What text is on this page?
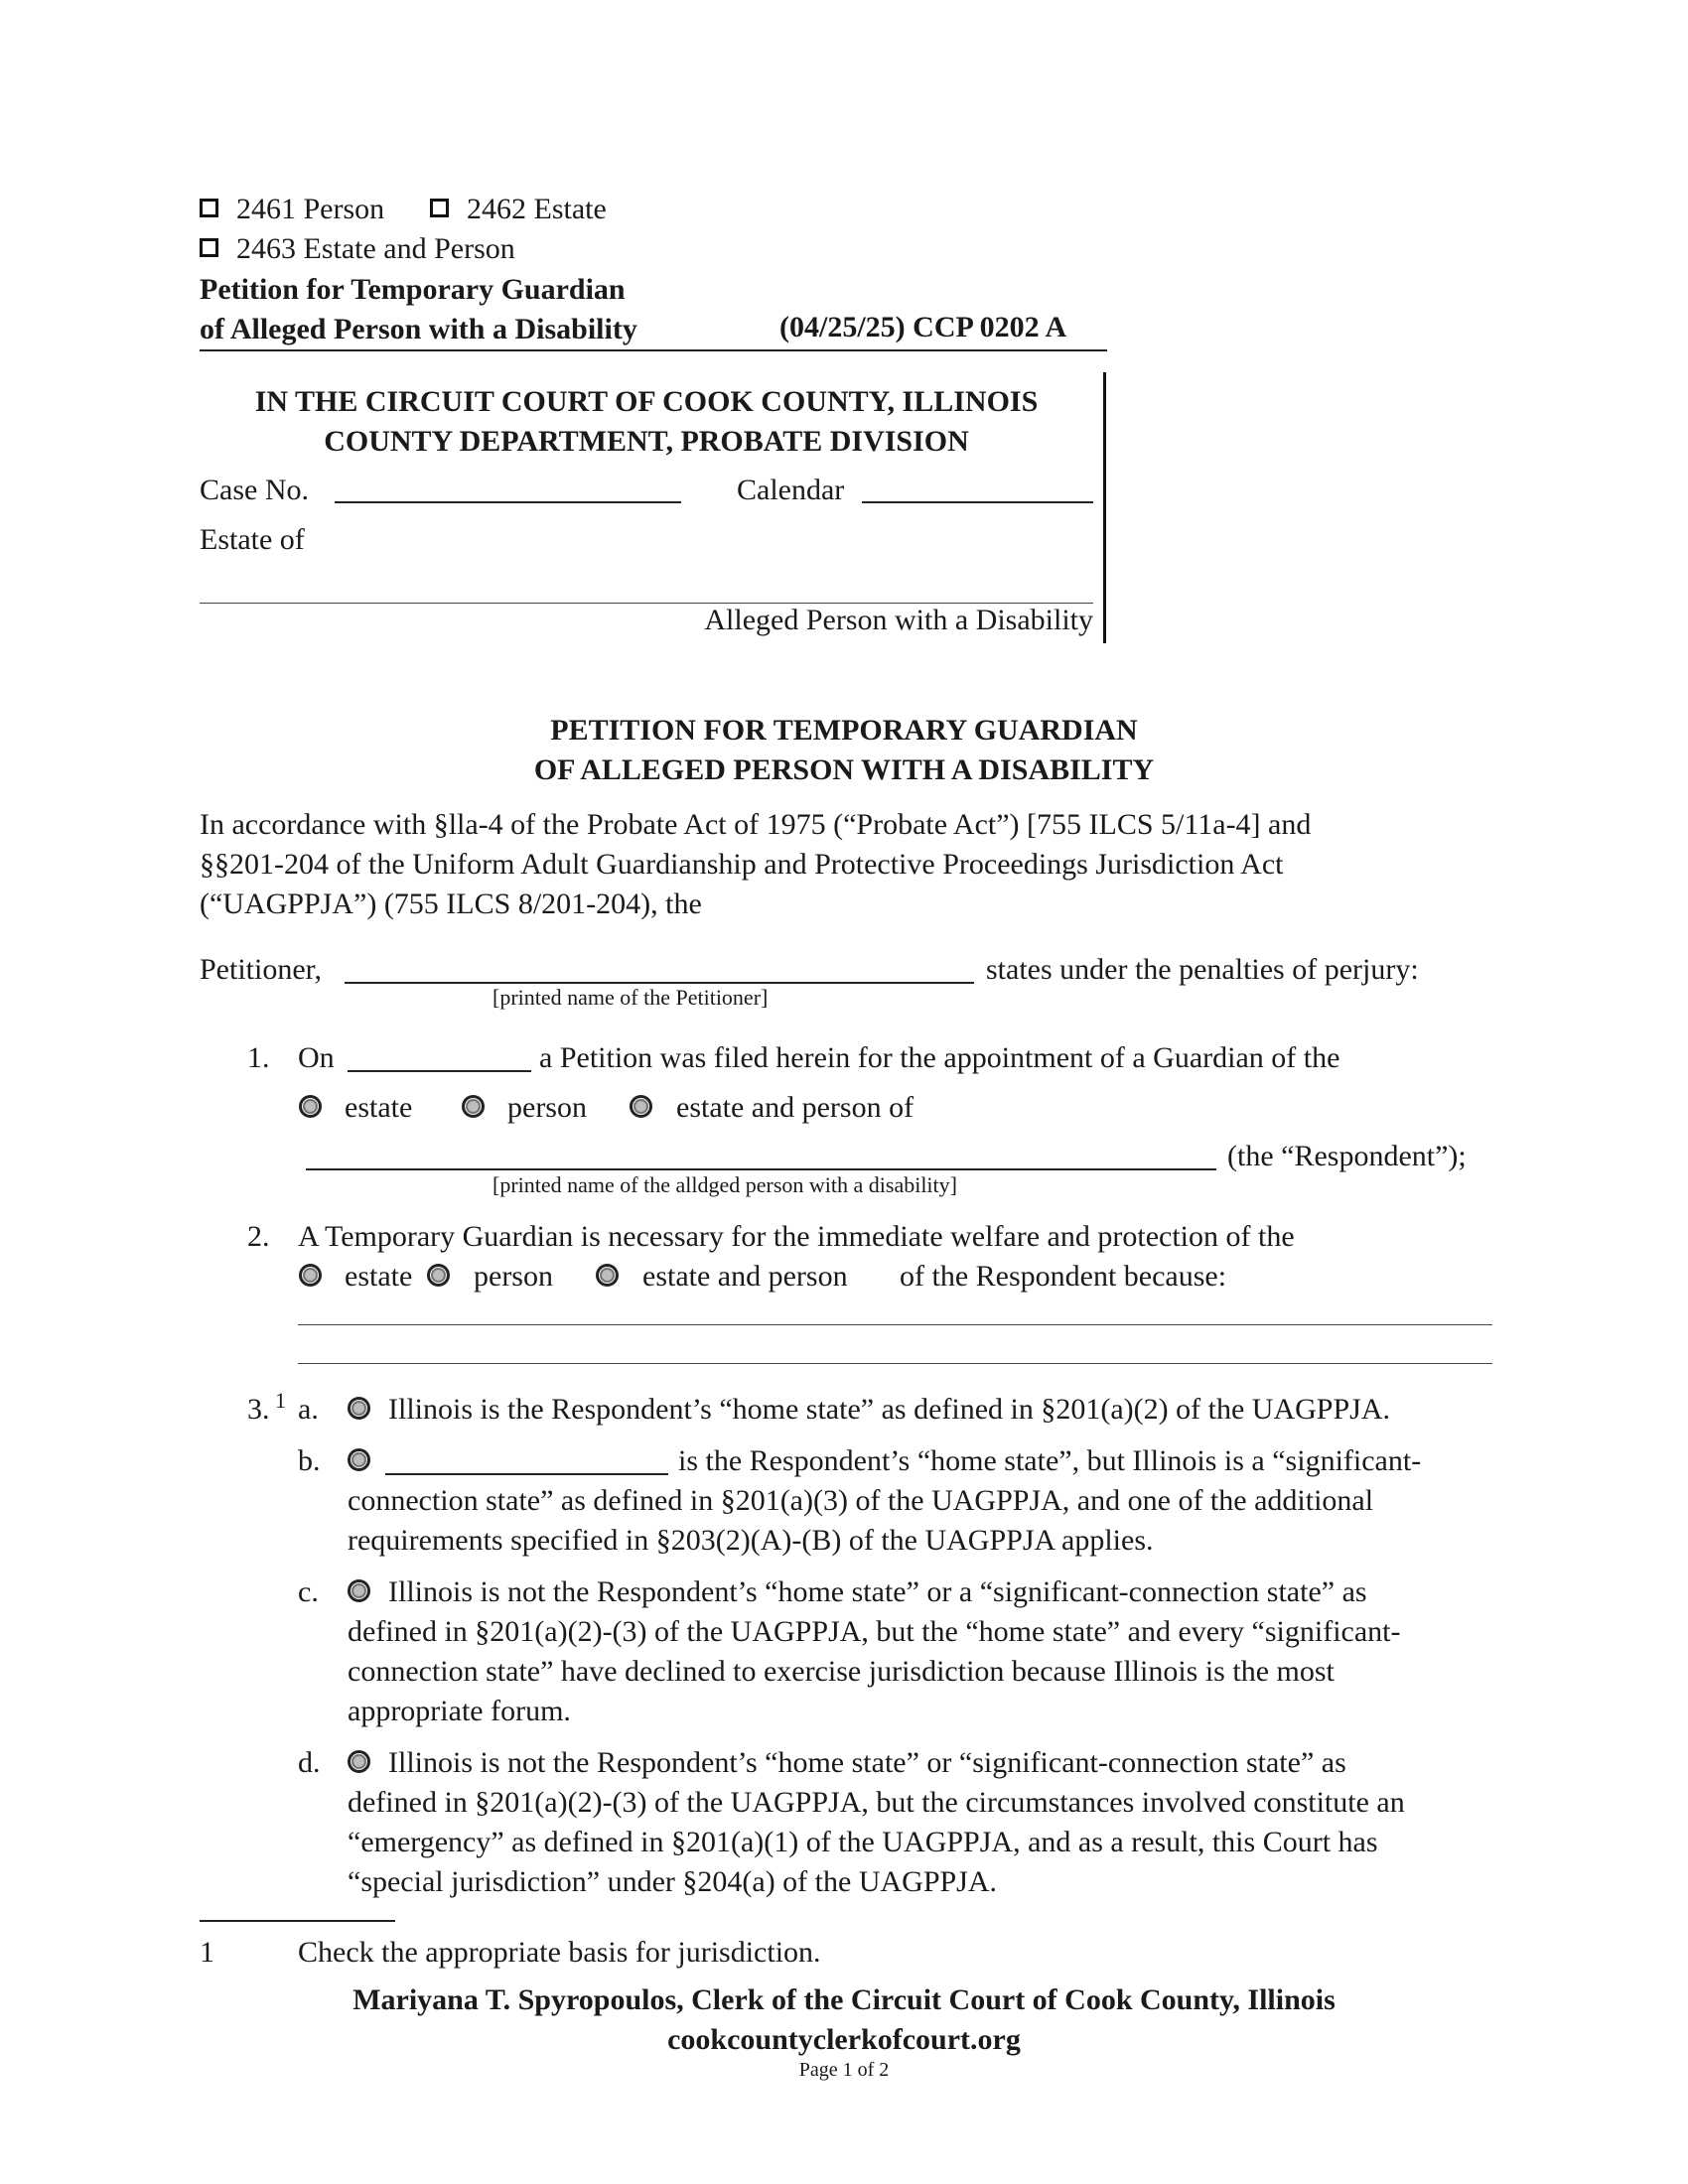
2461 Person	2462 Estate
2463 Estate and Person
Petition for Temporary Guardian
of Alleged Person with a Disability	(04/25/25) CCP 0202 A
IN THE CIRCUIT COURT OF COOK COUNTY, ILLINOIS
COUNTY DEPARTMENT, PROBATE DIVISION
Case No.	Calendar
Estate of
Alleged Person with a Disability
PETITION FOR TEMPORARY GUARDIAN
OF ALLEGED PERSON WITH A DISABILITY
In accordance with §lla-4 of the Probate Act of 1975 (“Probate Act”) [755 ILCS 5/11a-4] and
§§201-204 of the Uniform Adult Guardianship and Protective Proceedings Jurisdiction Act
(“UAGPPJA”) (755 ILCS 8/201-204), the
Petitioner,	states under the penalties of perjury:
[printed name of the Petitioner]
1. On	a Petition was filed herein for the appointment of a Guardian of the
estate	person	estate and person of
(the “Respondent”);
[printed name of the alldged person with a disability]
2. A Temporary Guardian is necessary for the immediate welfare and protection of the
estate person	estate and person of the Respondent because:
3. 1 a. Illinois is the Respondent’s “home state” as defined in §201(a)(2) of the UAGPPJA.
b.	is the Respondent’s “home state”, but Illinois is a “significant-
connection state” as defined in §201(a)(3) of the UAGPPJA, and one of the additional
requirements specified in §203(2)(A)-(B) of the UAGPPJA applies.
c. Illinois is not the Respondent’s “home state” or a “significant-connection state” as
defined in §201(a)(2)-(3) of the UAGPPJA, but the “home state” and every “significant-
connection state” have declined to exercise jurisdiction because Illinois is the most
appropriate forum.
d. Illinois is not the Respondent’s “home state” or “significant-connection state” as
defined in §201(a)(2)-(3) of the UAGPPJA, but the circumstances involved constitute an
“emergency” as defined in §201(a)(1) of the UAGPPJA, and as a result, this Court has
“special jurisdiction” under §204(a) of the UAGPPJA.
1	Check the appropriate basis for jurisdiction.
Mariyana T. Spyropoulos, Clerk of the Circuit Court of Cook County, Illinois
cookcountyclerkofcourt.org
Page 1 of 2
